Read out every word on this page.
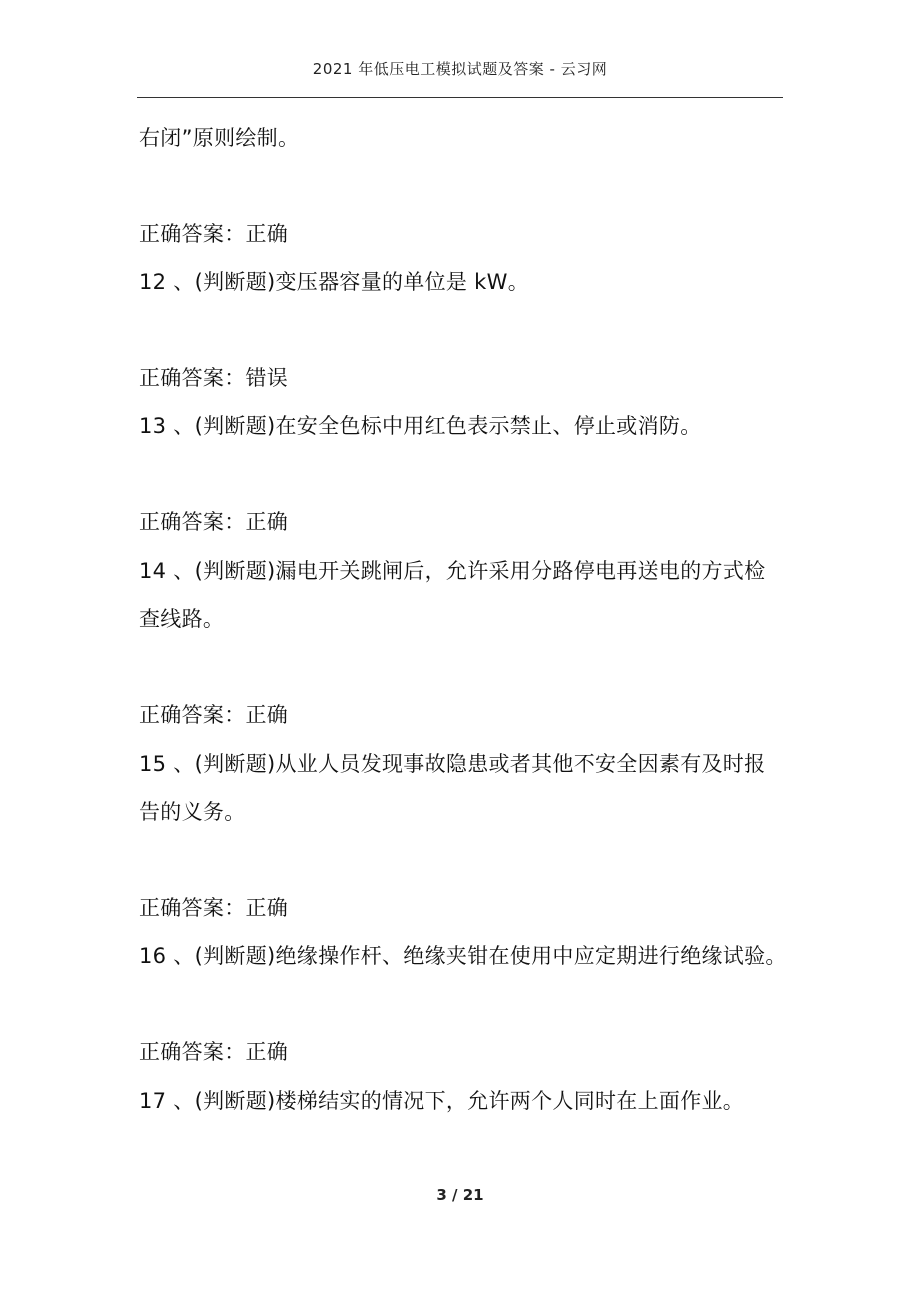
2021 年低压电工模拟试题及答案 - 云习网
右闭”原则绘制。
正确答案：正确
12 、(判断题)变压器容量的单位是 kW。
正确答案：错误
13 、(判断题)在安全色标中用红色表示禁止、停止或消防。
正确答案：正确
14 、(判断题)漏电开关跳闸后，允许采用分路停电再送电的方式检
查线路。
正确答案：正确
15 、(判断题)从业人员发现事故隐患或者其他不安全因素有及时报
告的义务。
正确答案：正确
16 、(判断题)绝缘操作杆、绝缘夹钳在使用中应定期进行绝缘试验。
正确答案：正确
17 、(判断题)楼梯结实的情况下，允许两个人同时在上面作业。
3 / 21
